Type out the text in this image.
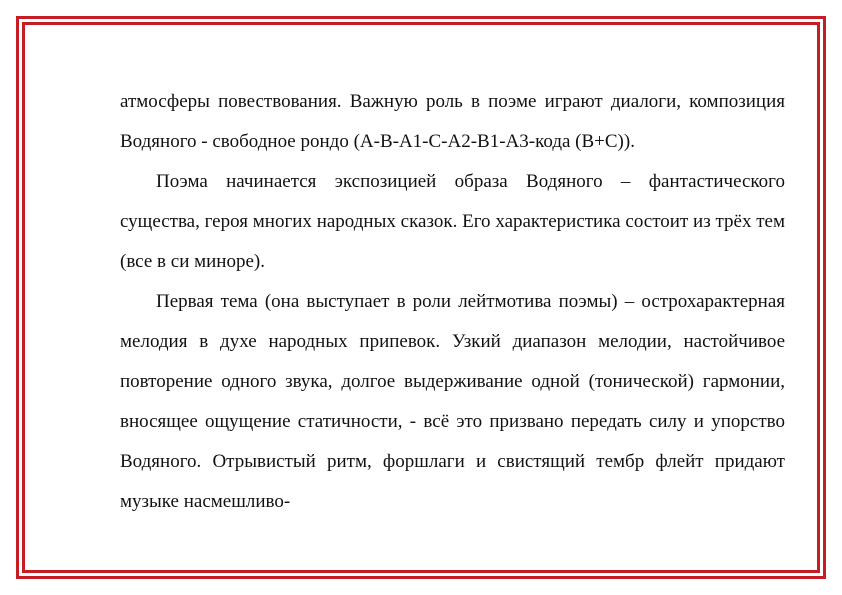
атмосферы повествования. Важную роль в поэме играют диалоги, композиция Водяного - свободное рондо (A-B-A1-C-A2-B1-A3-кода (B+C)).

Поэма начинается экспозицией образа Водяного – фантастического существа, героя многих народных сказок. Его характеристика состоит из трёх тем (все в си миноре).

Первая тема (она выступает в роли лейтмотива поэмы) – острохарактерная мелодия в духе народных припевок. Узкий диапазон мелодии, настойчивое повторение одного звука, долгое выдерживание одной (тонической) гармонии, вносящее ощущение статичности, - всё это призвано передать силу и упорство Водяного. Отрывистый ритм, форшлаги и свистящий тембр флейт придают музыке насмешливо-
